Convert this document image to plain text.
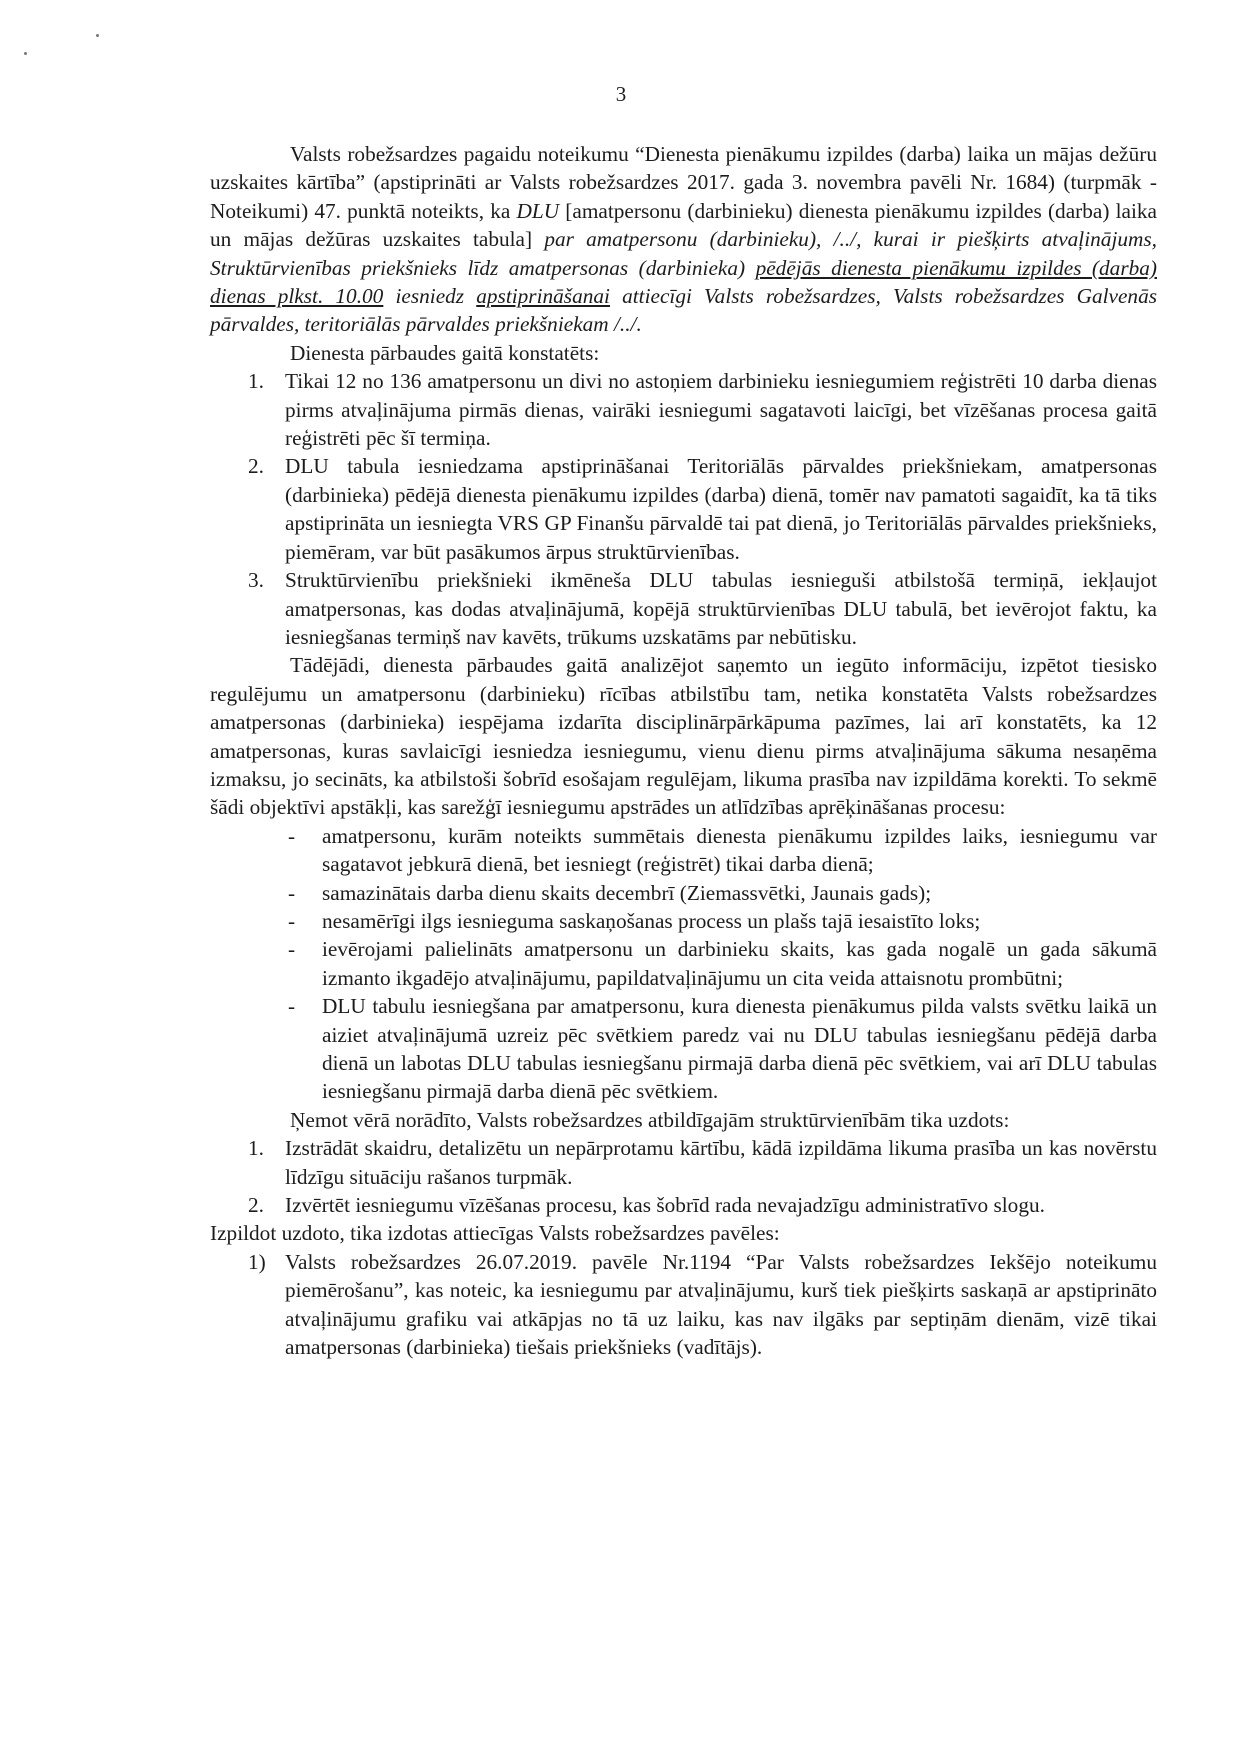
3

Valsts robežsardzes pagaidu noteikumu “Dienesta pienākumu izpildes (darba) laika un mājas dežūru uzskaites kārtība” (apstiprināti ar Valsts robežsardzes 2017. gada 3. novembra pavēli Nr. 1684) (turpmāk - Noteikumi) 47. punktā noteikts, ka DLU [amatpersonu (darbinieku) dienesta pienākumu izpildes (darba) laika un mājas dežūras uzskaites tabula] par amatpersonu (darbinieku), /../, kurai ir piešķirts atvaļinājums, Struktūrvienības priekšnieks līdz amatpersonas (darbinieka) pēdējās dienesta pienākumu izpildes (darba) dienas plkst. 10.00 iesniedz apstiprināšanai attiecīgi Valsts robežsardzes, Valsts robežsardzes Galvenās pārvaldes, teritoriālās pārvaldes priekšniekam /../.

Dienesta pārbaudes gaitā konstatēts:

1. Tikai 12 no 136 amatpersonu un divi no astoņiem darbinieku iesniegumiem reģistrēti 10 darba dienas pirms atvaļinājuma pirmās dienas, vairāki iesniegumi sagatavoti laicīgi, bet vīzēšanas procesa gaitā reģistrēti pēc šī termiņa.
2. DLU tabula iesniedzama apstiprināšanai Teritoriālās pārvaldes priekšniekam, amatpersonas (darbinieka) pēdējā dienesta pienākumu izpildes (darba) dienā, tomēr nav pamatoti sagaidīt, ka tā tiks apstiprināta un iesniegta VRS GP Finanšu pārvaldē tai pat dienā, jo Teritoriālās pārvaldes priekšnieks, piemēram, var būt pasākumos ārpus struktūrvienības.
3. Struktūrvienību priekšnieki ikmēneša DLU tabulas iesnieguši atbilstošā termiņā, iekļaujot amatpersonas, kas dodas atvaļinājumā, kopējā struktūrvienības DLU tabulā, bet ievērojot faktu, ka iesniegšanas termiņš nav kavēts, trūkums uzskatāms par nebūtisku.

Tādējādi, dienesta pārbaudes gaitā analizējot saņemto un iegūto informāciju, izpētot tiesisko regulējumu un amatpersonu (darbinieku) rīcības atbilstību tam, netika konstatēta Valsts robežsardzes amatpersonas (darbinieka) iespējama izdarīta disciplinārpārkāpuma pazīmes, lai arī konstatēts, ka 12 amatpersonas, kuras savlaicīgi iesniedza iesniegumu, vienu dienu pirms atvaļinājuma sākuma nesaņēma izmaksu, jo secināts, ka atbilstoši šobrīd esošajam regulējam, likuma prasība nav izpildāma korekti. To sekmē šādi objektīvi apstākļi, kas sarežģī iesniegumu apstrādes un atlīdzības aprēķināšanas procesu:

-	amatpersonu, kurām noteikts summētais dienesta pienākumu izpildes laiks, iesniegumu var sagatavot jebkurā dienā, bet iesniegt (reģistrēt) tikai darba dienā;
-	samazinātais darba dienu skaits decembrī (Ziemassvētki, Jaunais gads);
-	nesamērīgi ilgs iesnieguma saskaņošanas process un plašs tajā iesaistīto loks;
-	ievērojami palielināts amatpersonu un darbinieku skaits, kas gada nogalē un gada sākumā izmanto ikgadējo atvaļinājumu, papildatvaļinājumu un cita veida attaisnotu prombūtni;
-	DLU tabulu iesniegšana par amatpersonu, kura dienesta pienākumus pilda valsts svētku laikā un aiziet atvaļinājumā uzreiz pēc svētkiem paredz vai nu DLU tabulas iesniegšanu pēdējā darba dienā un labotas DLU tabulas iesniegšanu pirmajā darba dienā pēc svētkiem, vai arī DLU tabulas iesniegšanu pirmajā darba dienā pēc svētkiem.

Ņemot vērā norādīto, Valsts robežsardzes atbildīgajām struktūrvienībām tika uzdots:

1. Izstrādāt skaidru, detalizētu un nepārprotamu kārtību, kādā izpildāma likuma prasība un kas novērstu līdzīgu situāciju rašanos turpmāk.
2. Izvērtēt iesniegumu vīzēšanas procesu, kas šobrīd rada nevajadzīgu administratīvo slogu.

Izpildot uzdoto, tika izdotas attiecīgas Valsts robežsardzes pavēles:

1) Valsts robežsardzes 26.07.2019. pavēle Nr.1194 “Par Valsts robežsardzes Iekšējo noteikumu piemērošanu”, kas noteic, ka iesniegumu par atvaļinājumu, kurš tiek piešķirts saskaņā ar apstiprināto atvaļinājumu grafiku vai atkāpjas no tā uz laiku, kas nav ilgāks par septiņām dienām, vizē tikai amatpersonas (darbinieka) tiešais priekšnieks (vadītājs).
